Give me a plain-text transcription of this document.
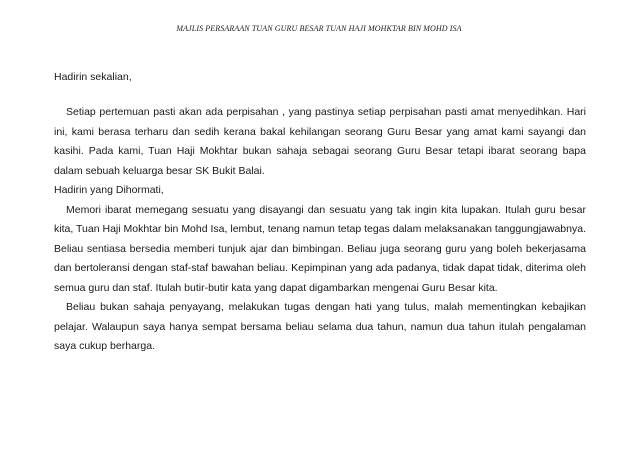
MAJLIS PERSARAAN TUAN GURU BESAR TUAN HAJI MOHKTAR BIN MOHD ISA
Hadirin sekalian,

Setiap pertemuan pasti akan ada perpisahan , yang pastinya setiap perpisahan pasti amat menyedihkan. Hari ini, kami berasa terharu dan sedih kerana bakal kehilangan seorang Guru Besar yang amat kami sayangi dan kasihi. Pada kami, Tuan Haji Mokhtar bukan sahaja sebagai seorang Guru Besar tetapi ibarat seorang bapa dalam sebuah keluarga besar SK Bukit Balai.

Hadirin yang Dihormati,

Memori ibarat memegang sesuatu yang disayangi dan sesuatu yang tak ingin kita lupakan. Itulah guru besar kita, Tuan Haji Mokhtar bin Mohd Isa, lembut, tenang namun tetap tegas dalam melaksanakan tanggungjawabnya. Beliau sentiasa bersedia memberi tunjuk ajar dan bimbingan. Beliau juga seorang guru yang boleh bekerjasama dan bertoleransi dengan staf-staf bawahan beliau. Kepimpinan yang ada padanya, tidak dapat tidak, diterima oleh semua guru dan staf. Itulah butir-butir kata yang dapat digambarkan mengenai Guru Besar kita.

Beliau bukan sahaja penyayang, melakukan tugas dengan hati yang tulus, malah mementingkan kebajikan pelajar. Walaupun saya hanya sempat bersama beliau selama dua tahun, namun dua tahun itulah pengalaman saya cukup berharga.
